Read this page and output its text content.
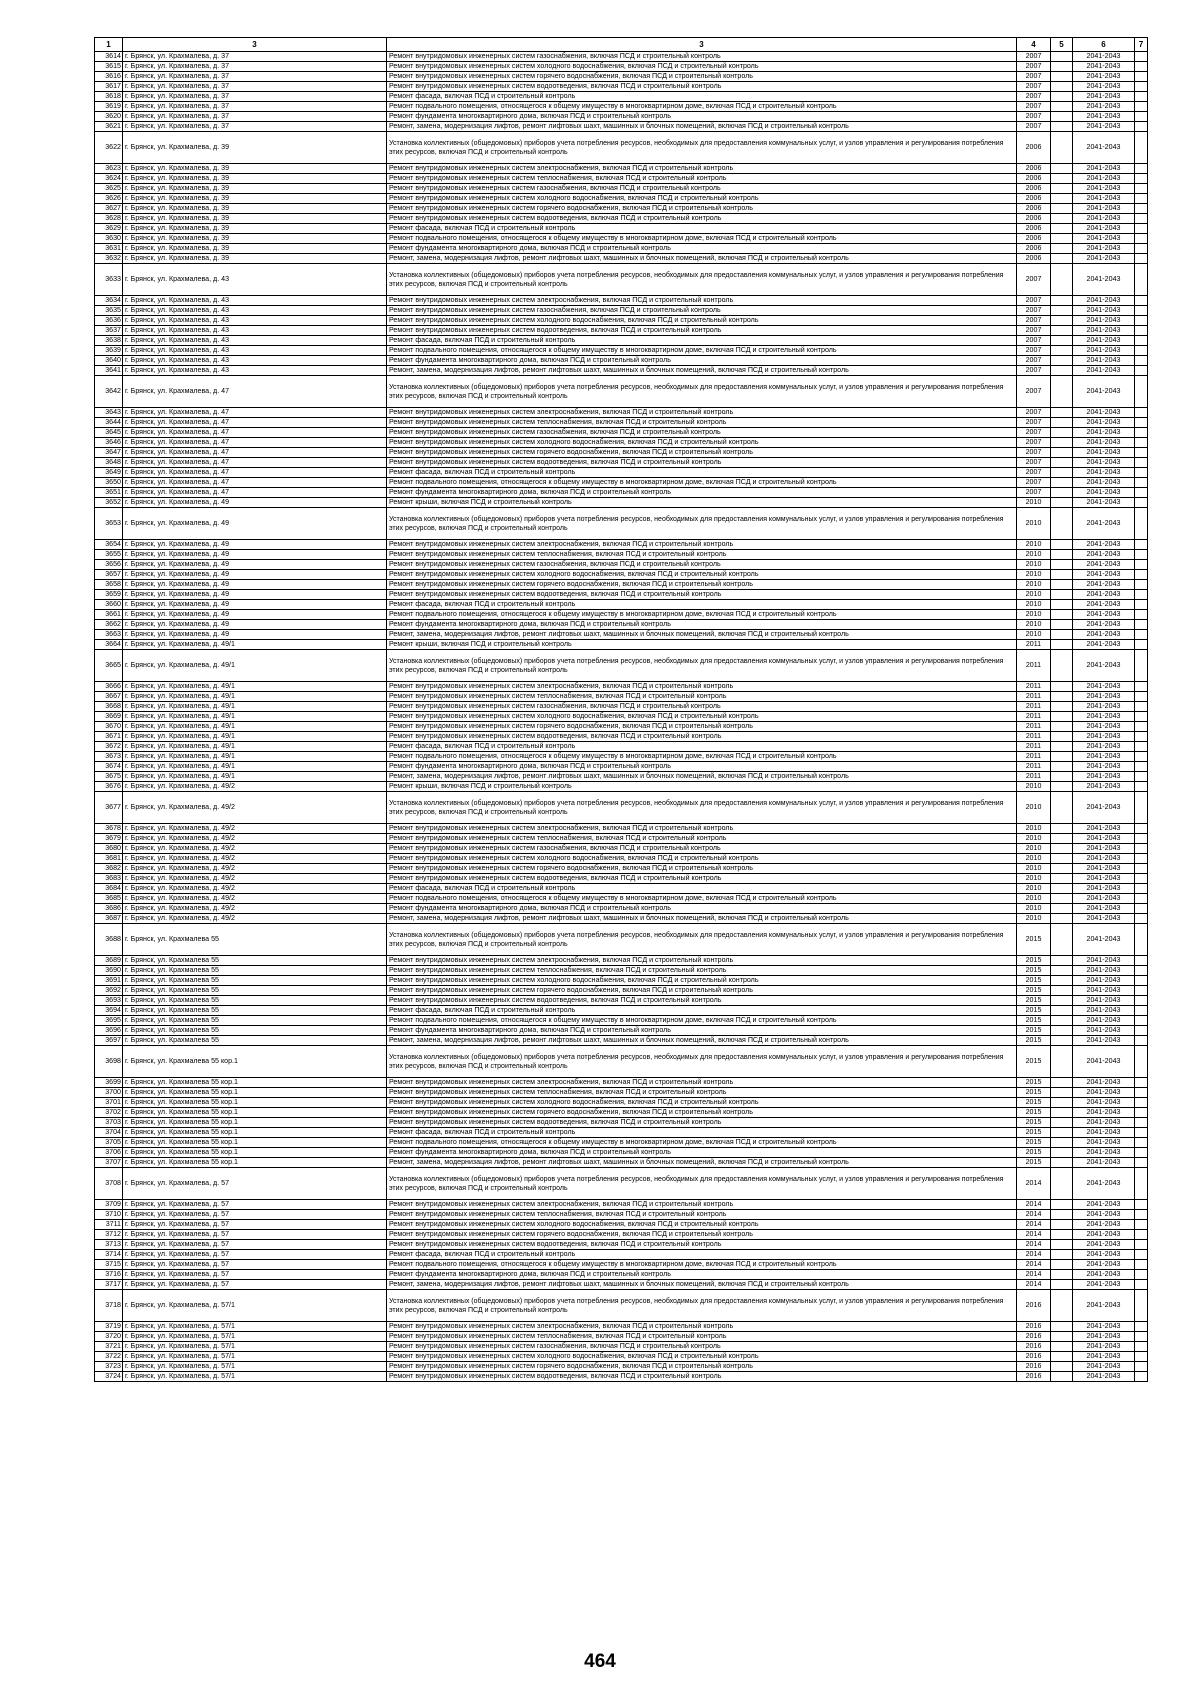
1	3	3	4	5	6	7
3614	г. Брянск, ул. Крахмалева, д. 37	Ремонт внутридомовых инженерных систем газоснабжения, включая ПСД и строительный контроль	2007		2041-2043	
3615	г. Брянск, ул. Крахмалева, д. 37	Ремонт внутридомовых инженерных систем холодного водоснабжения, включая ПСД и строительный контроль	2007		2041-2043	
3616	г. Брянск, ул. Крахмалева, д. 37	Ремонт внутридомовых инженерных систем горячего водоснабжения, включая ПСД и строительный контроль	2007		2041-2043	
3617	г. Брянск, ул. Крахмалева, д. 37	Ремонт внутридомовых инженерных систем водоотведения, включая ПСД и строительный контроль	2007		2041-2043	
3618	г. Брянск, ул. Крахмалева, д. 37	Ремонт фасада, включая ПСД и строительный контроль	2007		2041-2043	
3619	г. Брянск, ул. Крахмалева, д. 37	Ремонт подвального помещения, относящегося к общему имуществу в многоквартирном доме, включая ПСД и строительный контроль	2007		2041-2043	
3620	г. Брянск, ул. Крахмалева, д. 37	Ремонт фундамента многоквартирного дома, включая ПСД и строительный контроль	2007		2041-2043	
3621	г. Брянск, ул. Крахмалева, д. 37	Ремонт, замена, модернизация лифтов, ремонт лифтовых шахт, машинных и блочных помещений, включая ПСД и строительный контроль	2007		2041-2043	
3622	г. Брянск, ул. Крахмалева, д. 39	Установка коллективных (общедомовых) приборов учета потребления ресурсов, необходимых для предоставления коммунальных услуг, и узлов управления и регулирования потребления этих ресурсов, включая ПСД и строительный контроль	2006		2041-2043	
3623	г. Брянск, ул. Крахмалева, д. 39	Ремонт внутридомовых инженерных систем электроснабжения, включая ПСД и строительный контроль	2006		2041-2043	
3624	г. Брянск, ул. Крахмалева, д. 39	Ремонт внутридомовых инженерных систем теплоснабжения, включая ПСД и строительный контроль	2006		2041-2043	
3625	г. Брянск, ул. Крахмалева, д. 39	Ремонт внутридомовых инженерных систем газоснабжения, включая ПСД и строительный контроль	2006		2041-2043	
3626	г. Брянск, ул. Крахмалева, д. 39	Ремонт внутридомовых инженерных систем холодного водоснабжения, включая ПСД и строительный контроль	2006		2041-2043	
3627	г. Брянск, ул. Крахмалева, д. 39	Ремонт внутридомовых инженерных систем горячего водоснабжения, включая ПСД и строительный контроль	2006		2041-2043	
3628	г. Брянск, ул. Крахмалева, д. 39	Ремонт внутридомовых инженерных систем водоотведения, включая ПСД и строительный контроль	2006		2041-2043	
3629	г. Брянск, ул. Крахмалева, д. 39	Ремонт фасада, включая ПСД и строительный контроль	2006		2041-2043	
3630	г. Брянск, ул. Крахмалева, д. 39	Ремонт подвального помещения, относящегося к общему имуществу в многоквартирном доме, включая ПСД и строительный контроль	2006		2041-2043	
3631	г. Брянск, ул. Крахмалева, д. 39	Ремонт фундамента многоквартирного дома, включая ПСД и строительный контроль	2006		2041-2043	
3632	г. Брянск, ул. Крахмалева, д. 39	Ремонт, замена, модернизация лифтов, ремонт лифтовых шахт, машинных и блочных помещений, включая ПСД и строительный контроль	2006		2041-2043	
3633	г. Брянск, ул. Крахмалева, д. 43	Установка коллективных (общедомовых) приборов учета потребления ресурсов, необходимых для предоставления коммунальных услуг, и узлов управления и регулирования потребления этих ресурсов, включая ПСД и строительный контроль	2007		2041-2043	
3634	г. Брянск, ул. Крахмалева, д. 43	Ремонт внутридомовых инженерных систем электроснабжения, включая ПСД и строительный контроль	2007		2041-2043	
3635	г. Брянск, ул. Крахмалева, д. 43	Ремонт внутридомовых инженерных систем газоснабжения, включая ПСД и строительный контроль	2007		2041-2043	
3636	г. Брянск, ул. Крахмалева, д. 43	Ремонт внутридомовых инженерных систем холодного водоснабжения, включая ПСД и строительный контроль	2007		2041-2043	
3637	г. Брянск, ул. Крахмалева, д. 43	Ремонт внутридомовых инженерных систем водоотведения, включая ПСД и строительный контроль	2007		2041-2043	
3638	г. Брянск, ул. Крахмалева, д. 43	Ремонт фасада, включая ПСД и строительный контроль	2007		2041-2043	
3639	г. Брянск, ул. Крахмалева, д. 43	Ремонт подвального помещения, относящегося к общему имуществу в многоквартирном доме, включая ПСД и строительный контроль	2007		2041-2043	
3640	г. Брянск, ул. Крахмалева, д. 43	Ремонт фундамента многоквартирного дома, включая ПСД и строительный контроль	2007		2041-2043	
3641	г. Брянск, ул. Крахмалева, д. 43	Ремонт, замена, модернизация лифтов, ремонт лифтовых шахт, машинных и блочных помещений, включая ПСД и строительный контроль	2007		2041-2043	
3642	г. Брянск, ул. Крахмалева, д. 47	Установка коллективных (общедомовых) приборов учета потребления ресурсов, необходимых для предоставления коммунальных услуг, и узлов управления и регулирования потребления этих ресурсов, включая ПСД и строительный контроль	2007		2041-2043	
3643	г. Брянск, ул. Крахмалева, д. 47	Ремонт внутридомовых инженерных систем электроснабжения, включая ПСД и строительный контроль	2007		2041-2043	
3644	г. Брянск, ул. Крахмалева, д. 47	Ремонт внутридомовых инженерных систем теплоснабжения, включая ПСД и строительный контроль	2007		2041-2043	
3645	г. Брянск, ул. Крахмалева, д. 47	Ремонт внутридомовых инженерных систем газоснабжения, включая ПСД и строительный контроль	2007		2041-2043	
3646	г. Брянск, ул. Крахмалева, д. 47	Ремонт внутридомовых инженерных систем холодного водоснабжения, включая ПСД и строительный контроль	2007		2041-2043	
3647	г. Брянск, ул. Крахмалева, д. 47	Ремонт внутридомовых инженерных систем горячего водоснабжения, включая ПСД и строительный контроль	2007		2041-2043	
3648	г. Брянск, ул. Крахмалева, д. 47	Ремонт внутридомовых инженерных систем водоотведения, включая ПСД и строительный контроль	2007		2041-2043	
3649	г. Брянск, ул. Крахмалева, д. 47	Ремонт фасада, включая ПСД и строительный контроль	2007		2041-2043	
3650	г. Брянск, ул. Крахмалева, д. 47	Ремонт подвального помещения, относящегося к общему имуществу в многоквартирном доме, включая ПСД и строительный контроль	2007		2041-2043	
3651	г. Брянск, ул. Крахмалева, д. 47	Ремонт фундамента многоквартирного дома, включая ПСД и строительный контроль	2007		2041-2043	
3652	г. Брянск, ул. Крахмалева, д. 49	Ремонт крыши, включая ПСД и строительный контроль	2010		2041-2043	
3653	г. Брянск, ул. Крахмалева, д. 49	Установка коллективных (общедомовых) приборов учета потребления ресурсов, необходимых для предоставления коммунальных услуг, и узлов управления и регулирования потребления этих ресурсов, включая ПСД и строительный контроль	2010		2041-2043	
3654	г. Брянск, ул. Крахмалева, д. 49	Ремонт внутридомовых инженерных систем электроснабжения, включая ПСД и строительный контроль	2010		2041-2043	
3655	г. Брянск, ул. Крахмалева, д. 49	Ремонт внутридомовых инженерных систем теплоснабжения, включая ПСД и строительный контроль	2010		2041-2043	
3656	г. Брянск, ул. Крахмалева, д. 49	Ремонт внутридомовых инженерных систем газоснабжения, включая ПСД и строительный контроль	2010		2041-2043	
3657	г. Брянск, ул. Крахмалева, д. 49	Ремонт внутридомовых инженерных систем холодного водоснабжения, включая ПСД и строительный контроль	2010		2041-2043	
3658	г. Брянск, ул. Крахмалева, д. 49	Ремонт внутридомовых инженерных систем горячего водоснабжения, включая ПСД и строительный контроль	2010		2041-2043	
3659	г. Брянск, ул. Крахмалева, д. 49	Ремонт внутридомовых инженерных систем водоотведения, включая ПСД и строительный контроль	2010		2041-2043	
3660	г. Брянск, ул. Крахмалева, д. 49	Ремонт фасада, включая ПСД и строительный контроль	2010		2041-2043	
3661	г. Брянск, ул. Крахмалева, д. 49	Ремонт подвального помещения, относящегося к общему имуществу в многоквартирном доме, включая ПСД и строительный контроль	2010		2041-2043	
3662	г. Брянск, ул. Крахмалева, д. 49	Ремонт фундамента многоквартирного дома, включая ПСД и строительный контроль	2010		2041-2043	
3663	г. Брянск, ул. Крахмалева, д. 49	Ремонт, замена, модернизация лифтов, ремонт лифтовых шахт, машинных и блочных помещений, включая ПСД и строительный контроль	2010		2041-2043	
3664	г. Брянск, ул. Крахмалева, д. 49/1	Ремонт крыши, включая ПСД и строительный контроль	2011		2041-2043	
3665	г. Брянск, ул. Крахмалева, д. 49/1	Установка коллективных (общедомовых) приборов учета потребления ресурсов, необходимых для предоставления коммунальных услуг, и узлов управления и регулирования потребления этих ресурсов, включая ПСД и строительный контроль	2011		2041-2043	
3666	г. Брянск, ул. Крахмалева, д. 49/1	Ремонт внутридомовых инженерных систем электроснабжения, включая ПСД и строительный контроль	2011		2041-2043	
3667	г. Брянск, ул. Крахмалева, д. 49/1	Ремонт внутридомовых инженерных систем теплоснабжения, включая ПСД и строительный контроль	2011		2041-2043	
3668	г. Брянск, ул. Крахмалева, д. 49/1	Ремонт внутридомовых инженерных систем газоснабжения, включая ПСД и строительный контроль	2011		2041-2043	
3669	г. Брянск, ул. Крахмалева, д. 49/1	Ремонт внутридомовых инженерных систем холодного водоснабжения, включая ПСД и строительный контроль	2011		2041-2043	
3670	г. Брянск, ул. Крахмалева, д. 49/1	Ремонт внутридомовых инженерных систем горячего водоснабжения, включая ПСД и строительный контроль	2011		2041-2043	
3671	г. Брянск, ул. Крахмалева, д. 49/1	Ремонт внутридомовых инженерных систем водоотведения, включая ПСД и строительный контроль	2011		2041-2043	
3672	г. Брянск, ул. Крахмалева, д. 49/1	Ремонт фасада, включая ПСД и строительный контроль	2011		2041-2043	
3673	г. Брянск, ул. Крахмалева, д. 49/1	Ремонт подвального помещения, относящегося к общему имуществу в многоквартирном доме, включая ПСД и строительный контроль	2011		2041-2043	
3674	г. Брянск, ул. Крахмалева, д. 49/1	Ремонт фундамента многоквартирного дома, включая ПСД и строительный контроль	2011		2041-2043	
3675	г. Брянск, ул. Крахмалева, д. 49/1	Ремонт, замена, модернизация лифтов, ремонт лифтовых шахт, машинных и блочных помещений, включая ПСД и строительный контроль	2011		2041-2043	
3676	г. Брянск, ул. Крахмалева, д. 49/2	Ремонт крыши, включая ПСД и строительный контроль	2010		2041-2043	
3677	г. Брянск, ул. Крахмалева, д. 49/2	Установка коллективных (общедомовых) приборов учета потребления ресурсов, необходимых для предоставления коммунальных услуг, и узлов управления и регулирования потребления этих ресурсов, включая ПСД и строительный контроль	2010		2041-2043	
3678	г. Брянск, ул. Крахмалева, д. 49/2	Ремонт внутридомовых инженерных систем электроснабжения, включая ПСД и строительный контроль	2010		2041-2043	
3679	г. Брянск, ул. Крахмалева, д. 49/2	Ремонт внутридомовых инженерных систем теплоснабжения, включая ПСД и строительный контроль	2010		2041-2043	
3680	г. Брянск, ул. Крахмалева, д. 49/2	Ремонт внутридомовых инженерных систем газоснабжения, включая ПСД и строительный контроль	2010		2041-2043	
3681	г. Брянск, ул. Крахмалева, д. 49/2	Ремонт внутридомовых инженерных систем холодного водоснабжения, включая ПСД и строительный контроль	2010		2041-2043	
3682	г. Брянск, ул. Крахмалева, д. 49/2	Ремонт внутридомовых инженерных систем горячего водоснабжения, включая ПСД и строительный контроль	2010		2041-2043	
3683	г. Брянск, ул. Крахмалева, д. 49/2	Ремонт внутридомовых инженерных систем водоотведения, включая ПСД и строительный контроль	2010		2041-2043	
3684	г. Брянск, ул. Крахмалева, д. 49/2	Ремонт фасада, включая ПСД и строительный контроль	2010		2041-2043	
3685	г. Брянск, ул. Крахмалева, д. 49/2	Ремонт подвального помещения, относящегося к общему имуществу в многоквартирном доме, включая ПСД и строительный контроль	2010		2041-2043	
3686	г. Брянск, ул. Крахмалева, д. 49/2	Ремонт фундамента многоквартирного дома, включая ПСД и строительный контроль	2010		2041-2043	
3687	г. Брянск, ул. Крахмалева, д. 49/2	Ремонт, замена, модернизация лифтов, ремонт лифтовых шахт, машинных и блочных помещений, включая ПСД и строительный контроль	2010		2041-2043	
3688	г. Брянск, ул. Крахмалева 55	Установка коллективных (общедомовых) приборов учета потребления ресурсов, необходимых для предоставления коммунальных услуг, и узлов управления и регулирования потребления этих ресурсов, включая ПСД и строительный контроль	2015		2041-2043	
3689	г. Брянск, ул. Крахмалева 55	Ремонт внутридомовых инженерных систем электроснабжения, включая ПСД и строительный контроль	2015		2041-2043	
3690	г. Брянск, ул. Крахмалева 55	Ремонт внутридомовых инженерных систем теплоснабжения, включая ПСД и строительный контроль	2015		2041-2043	
3691	г. Брянск, ул. Крахмалева 55	Ремонт внутридомовых инженерных систем холодного водоснабжения, включая ПСД и строительный контроль	2015		2041-2043	
3692	г. Брянск, ул. Крахмалева 55	Ремонт внутридомовых инженерных систем горячего водоснабжения, включая ПСД и строительный контроль	2015		2041-2043	
3693	г. Брянск, ул. Крахмалева 55	Ремонт внутридомовых инженерных систем водоотведения, включая ПСД и строительный контроль	2015		2041-2043	
3694	г. Брянск, ул. Крахмалева 55	Ремонт фасада, включая ПСД и строительный контроль	2015		2041-2043	
3695	г. Брянск, ул. Крахмалева 55	Ремонт подвального помещения, относящегося к общему имуществу в многоквартирном доме, включая ПСД и строительный контроль	2015		2041-2043	
3696	г. Брянск, ул. Крахмалева 55	Ремонт фундамента многоквартирного дома, включая ПСД и строительный контроль	2015		2041-2043	
3697	г. Брянск, ул. Крахмалева 55	Ремонт, замена, модернизация лифтов, ремонт лифтовых шахт, машинных и блочных помещений, включая ПСД и строительный контроль	2015		2041-2043	
3698	г. Брянск, ул. Крахмалева 55 кор.1	Установка коллективных (общедомовых) приборов учета потребления ресурсов, необходимых для предоставления коммунальных услуг, и узлов управления и регулирования потребления этих ресурсов, включая ПСД и строительный контроль	2015		2041-2043	
3699	г. Брянск, ул. Крахмалева 55 кор.1	Ремонт внутридомовых инженерных систем электроснабжения, включая ПСД и строительный контроль	2015		2041-2043	
3700	г. Брянск, ул. Крахмалева 55 кор.1	Ремонт внутридомовых инженерных систем теплоснабжения, включая ПСД и строительный контроль	2015		2041-2043	
3701	г. Брянск, ул. Крахмалева 55 кор.1	Ремонт внутридомовых инженерных систем холодного водоснабжения, включая ПСД и строительный контроль	2015		2041-2043	
3702	г. Брянск, ул. Крахмалева 55 кор.1	Ремонт внутридомовых инженерных систем горячего водоснабжения, включая ПСД и строительный контроль	2015		2041-2043	
3703	г. Брянск, ул. Крахмалева 55 кор.1	Ремонт внутридомовых инженерных систем водоотведения, включая ПСД и строительный контроль	2015		2041-2043	
3704	г. Брянск, ул. Крахмалева 55 кор.1	Ремонт фасада, включая ПСД и строительный контроль	2015		2041-2043	
3705	г. Брянск, ул. Крахмалева 55 кор.1	Ремонт подвального помещения, относящегося к общему имуществу в многоквартирном доме, включая ПСД и строительный контроль	2015		2041-2043	
3706	г. Брянск, ул. Крахмалева 55 кор.1	Ремонт фундамента многоквартирного дома, включая ПСД и строительный контроль	2015		2041-2043	
3707	г. Брянск, ул. Крахмалева 55 кор.1	Ремонт, замена, модернизация лифтов, ремонт лифтовых шахт, машинных и блочных помещений, включая ПСД и строительный контроль	2015		2041-2043	
3708	г. Брянск, ул. Крахмалева, д. 57	Установка коллективных (общедомовых) приборов учета потребления ресурсов, необходимых для предоставления коммунальных услуг, и узлов управления и регулирования потребления этих ресурсов, включая ПСД и строительный контроль	2014		2041-2043	
3709	г. Брянск, ул. Крахмалева, д. 57	Ремонт внутридомовых инженерных систем электроснабжения, включая ПСД и строительный контроль	2014		2041-2043	
3710	г. Брянск, ул. Крахмалева, д. 57	Ремонт внутридомовых инженерных систем теплоснабжения, включая ПСД и строительный контроль	2014		2041-2043	
3711	г. Брянск, ул. Крахмалева, д. 57	Ремонт внутридомовых инженерных систем холодного водоснабжения, включая ПСД и строительный контроль	2014		2041-2043	
3712	г. Брянск, ул. Крахмалева, д. 57	Ремонт внутридомовых инженерных систем горячего водоснабжения, включая ПСД и строительный контроль	2014		2041-2043	
3713	г. Брянск, ул. Крахмалева, д. 57	Ремонт внутридомовых инженерных систем водоотведения, включая ПСД и строительный контроль	2014		2041-2043	
3714	г. Брянск, ул. Крахмалева, д. 57	Ремонт фасада, включая ПСД и строительный контроль	2014		2041-2043	
3715	г. Брянск, ул. Крахмалева, д. 57	Ремонт подвального помещения, относящегося к общему имуществу в многоквартирном доме, включая ПСД и строительный контроль	2014		2041-2043	
3716	г. Брянск, ул. Крахмалева, д. 57	Ремонт фундамента многоквартирного дома, включая ПСД и строительный контроль	2014		2041-2043	
3717	г. Брянск, ул. Крахмалева, д. 57	Ремонт, замена, модернизация лифтов, ремонт лифтовых шахт, машинных и блочных помещений, включая ПСД и строительный контроль	2014		2041-2043	
3718	г. Брянск, ул. Крахмалева, д. 57/1	Установка коллективных (общедомовых) приборов учета потребления ресурсов, необходимых для предоставления коммунальных услуг, и узлов управления и регулирования потребления этих ресурсов, включая ПСД и строительный контроль	2016		2041-2043	
3719	г. Брянск, ул. Крахмалева, д. 57/1	Ремонт внутридомовых инженерных систем электроснабжения, включая ПСД и строительный контроль	2016		2041-2043	
3720	г. Брянск, ул. Крахмалева, д. 57/1	Ремонт внутридомовых инженерных систем теплоснабжения, включая ПСД и строительный контроль	2016		2041-2043	
3721	г. Брянск, ул. Крахмалева, д. 57/1	Ремонт внутридомовых инженерных систем газоснабжения, включая ПСД и строительный контроль	2016		2041-2043	
3722	г. Брянск, ул. Крахмалева, д. 57/1	Ремонт внутридомовых инженерных систем холодного водоснабжения, включая ПСД и строительный контроль	2016		2041-2043	
3723	г. Брянск, ул. Крахмалева, д. 57/1	Ремонт внутридомовых инженерных систем горячего водоснабжения, включая ПСД и строительный контроль	2016		2041-2043	
3724	г. Брянск, ул. Крахмалева, д. 57/1	Ремонт внутридомовых инженерных систем водоотведения, включая ПСД и строительный контроль	2016		2041-2043	
464
